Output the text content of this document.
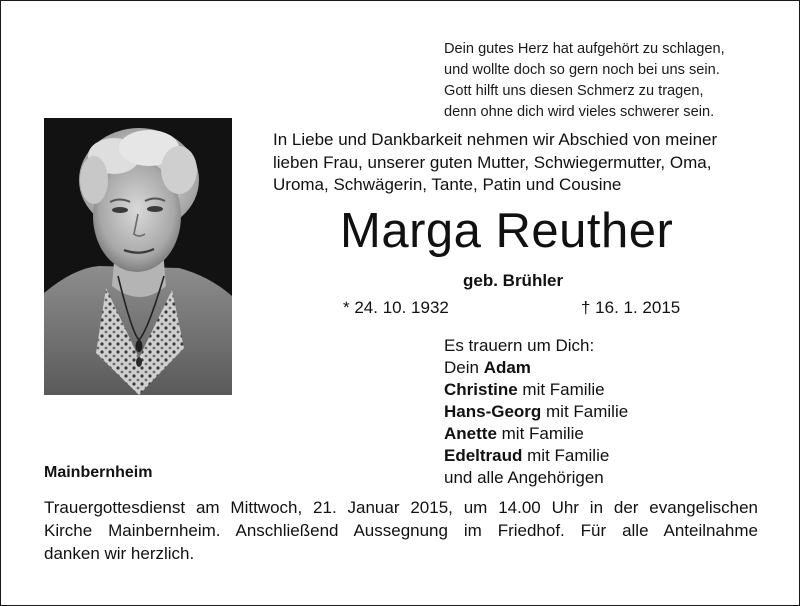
Dein gutes Herz hat aufgehört zu schlagen,
und wollte doch so gern noch bei uns sein.
Gott hilft uns diesen Schmerz zu tragen,
denn ohne dich wird vieles schwerer sein.
In Liebe und Dankbarkeit nehmen wir Abschied von meiner
lieben Frau, unserer guten Mutter, Schwiegermutter, Oma,
Uroma, Schwägerin, Tante, Patin und Cousine
Marga Reuther
geb. Brühler
* 24. 10. 1932	† 16. 1. 2015
Es trauern um Dich:
Dein Adam
Christine mit Familie
Hans-Georg mit Familie
Anette mit Familie
Edeltraud mit Familie
und alle Angehörigen
Mainbernheim
Trauergottesdienst am Mittwoch, 21. Januar 2015, um 14.00 Uhr in der evangelischen
Kirche Mainbernheim. Anschließend Aussegnung im Friedhof. Für alle Anteilnahme
danken wir herzlich.
